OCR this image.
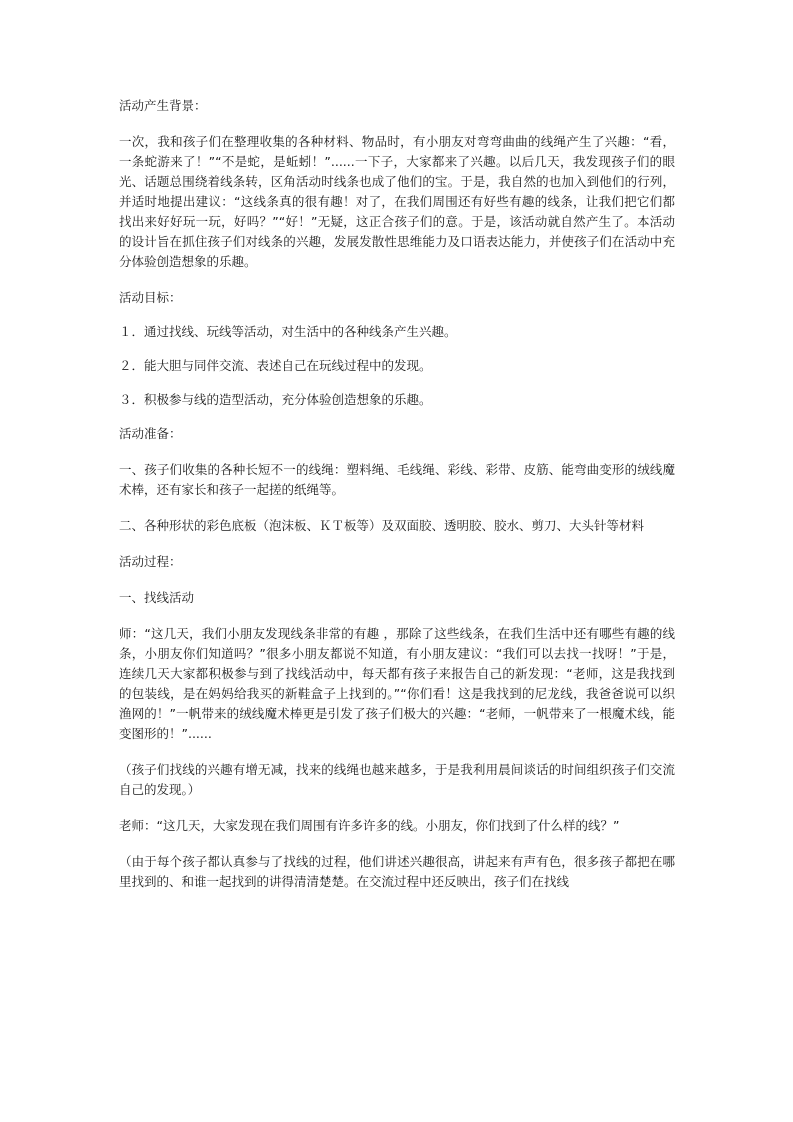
活动产生背景：

一次，我和孩子们在整理收集的各种材料、物品时，有小朋友对弯弯曲曲的线绳产生了兴趣：“看，一条蛇游来了！”“不是蛇，是蚯蚓！”......一下子，大家都来了兴趣。以后几天，我发现孩子们的眼光、话题总围绕着线条转，区角活动时线条也成了他们的宝。于是，我自然的也加入到他们的行列，并适时地提出建议：“这线条真的很有趣！对了，在我们周围还有好些有趣的线条，让我们把它们都找出来好好玩一玩，好吗？”“好！”无疑，这正合孩子们的意。于是，该活动就自然产生了。本活动的设计旨在抓住孩子们对线条的兴趣，发展发散性思维能力及口语表达能力，并使孩子们在活动中充分体验创造想象的乐趣。

活动目标：

１．通过找线、玩线等活动，对生活中的各种线条产生兴趣。

２．能大胆与同伴交流、表述自己在玩线过程中的发现。

３．积极参与线的造型活动，充分体验创造想象的乐趣。

活动准备：

一、孩子们收集的各种长短不一的线绳：塑料绳、毛线绳、彩线、彩带、皮筋、能弯曲变形的绒线魔术棒，还有家长和孩子一起搓的纸绳等。

二、各种形状的彩色底板（泡沫板、ＫＴ板等）及双面胶、透明胶、胶水、剪刀、大头针等材料

活动过程：

一、找线活动

师：“这几天，我们小朋友发现线条非常的有趣 ，那除了这些线条，在我们生活中还有哪些有趣的线条，小朋友你们知道吗？”很多小朋友都说不知道，有小朋友建议：“我们可以去找一找呀！”于是，连续几天大家都积极参与到了找线活动中，每天都有孩子来报告自己的新发现：“老师，这是我找到的包装线，是在妈妈给我买的新鞋盒子上找到的。”“你们看！这是我找到的尼龙线，我爸爸说可以织渔网的！”一帆带来的绒线魔术棒更是引发了孩子们极大的兴趣：“老师，一帆带来了一根魔术线，能变图形的！”......

（孩子们找线的兴趣有增无减，找来的线绳也越来越多，于是我利用晨间谈话的时间组织孩子们交流自己的发现。）

老师：“这几天，大家发现在我们周围有许多许多的线。小朋友，你们找到了什么样的线？”

（由于每个孩子都认真参与了找线的过程，他们讲述兴趣很高，讲起来有声有色，很多孩子都把在哪里找到的、和谁一起找到的讲得清清楚楚。在交流过程中还反映出，孩子们在找线
